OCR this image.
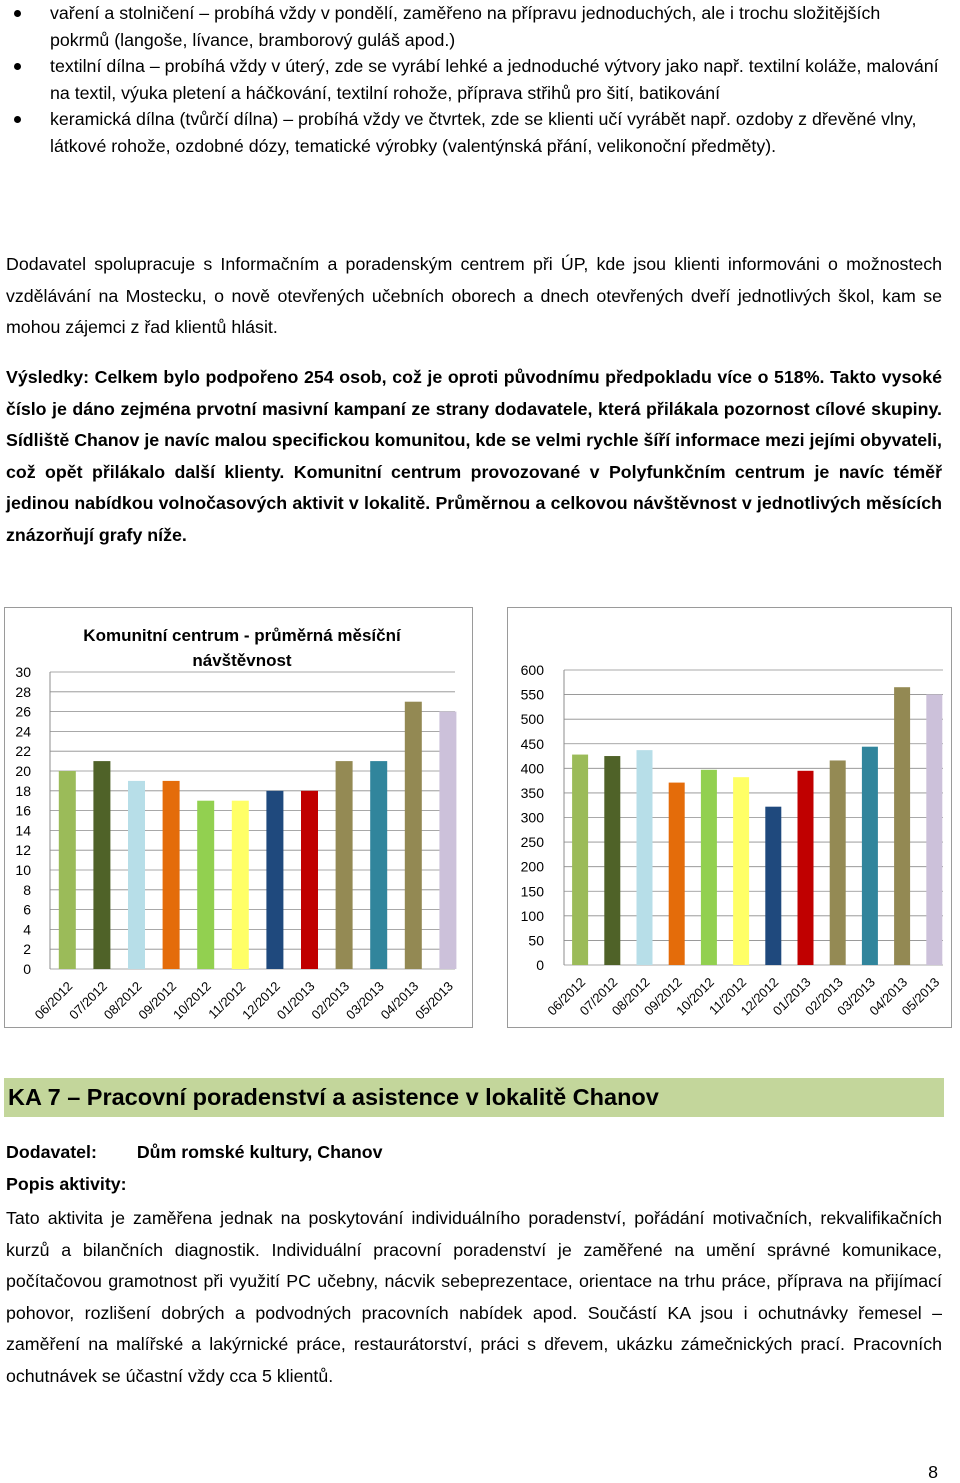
vaření a stolničení – probíhá vždy v pondělí, zaměřeno na přípravu jednoduchých, ale i trochu složitějších pokrmů (langoše, lívance, bramborový guláš apod.)
textilní dílna – probíhá vždy v úterý, zde se vyrábí lehké a jednoduché výtvory jako např. textilní koláže, malování na textil, výuka pletení a háčkování, textilní rohože, příprava střihů pro šití, batikování
keramická dílna (tvůrčí dílna) – probíhá vždy ve čtvrtek, zde se klienti učí vyrábět např. ozdoby z dřevěné vlny, látkové rohože, ozdobné dózy, tematické výrobky (valentýnská přání, velikonoční předměty).

Dodavatel spolupracuje s Informačním a poradenským centrem při ÚP, kde jsou klienti informováni o možnostech vzdělávání na Mostecku, o nově otevřených učebních oborech a dnech otevřených dveří jednotlivých škol, kam se mohou zájemci z řad klientů hlásit.

Výsledky: Celkem bylo podpořeno 254 osob, což je oproti původnímu předpokladu více o 518%. Takto vysoké číslo je dáno zejména prvotní masivní kampaní ze strany dodavatele, která přilákala pozornost cílové skupiny. Sídliště Chanov je navíc malou specifickou komunitou, kde se velmi rychle šíří informace mezi jejími obyvateli, což opět přilákalo další klienty. Komunitní centrum provozované v Polyfunkčním centrum je navíc téměř jedinou nabídkou volnočasových aktivit v lokalitě. Průměrnou a celkovou návštěvnost v jednotlivých měsících znázorňují grafy níže.

Komunitní centrum - průměrná měsíční
návštěvnost
0
2
4
6
8
10
12
14
16
18
20
22
24
26
28
30
06/2012
07/2012
08/2012
09/2012
10/2012
11/2012
12/2012
01/2013
02/2013
03/2013
04/2013
05/2013
0
50
100
150
200
250
300
350
400
450
500
550
600
06/2012
07/2012
08/2012
09/2012
10/2012
11/2012
12/2012
01/2013
02/2013
03/2013
04/2013
05/2013
KA 7 – Pracovní poradenství a asistence v lokalitě Chanov
Dodavatel: Dům romské kultury, Chanov
Popis aktivity:

Tato aktivita je zaměřena jednak na poskytování individuálního poradenství, pořádání motivačních, rekvalifikačních kurzů a bilančních diagnostik. Individuální pracovní poradenství je zaměřené na umění správné komunikace, počítačovou gramotnost při využití PC učebny, nácvik sebeprezentace, orientace na trhu práce, příprava na přijímací pohovor, rozlišení dobrých a podvodných pracovních nabídek apod. Součástí KA jsou i ochutnávky řemesel – zaměření na malířské a lakýrnické práce, restaurátorství, práci s dřevem, ukázku zámečnických prací. Pracovních ochutnávek se účastní vždy cca 5 klientů.

8
